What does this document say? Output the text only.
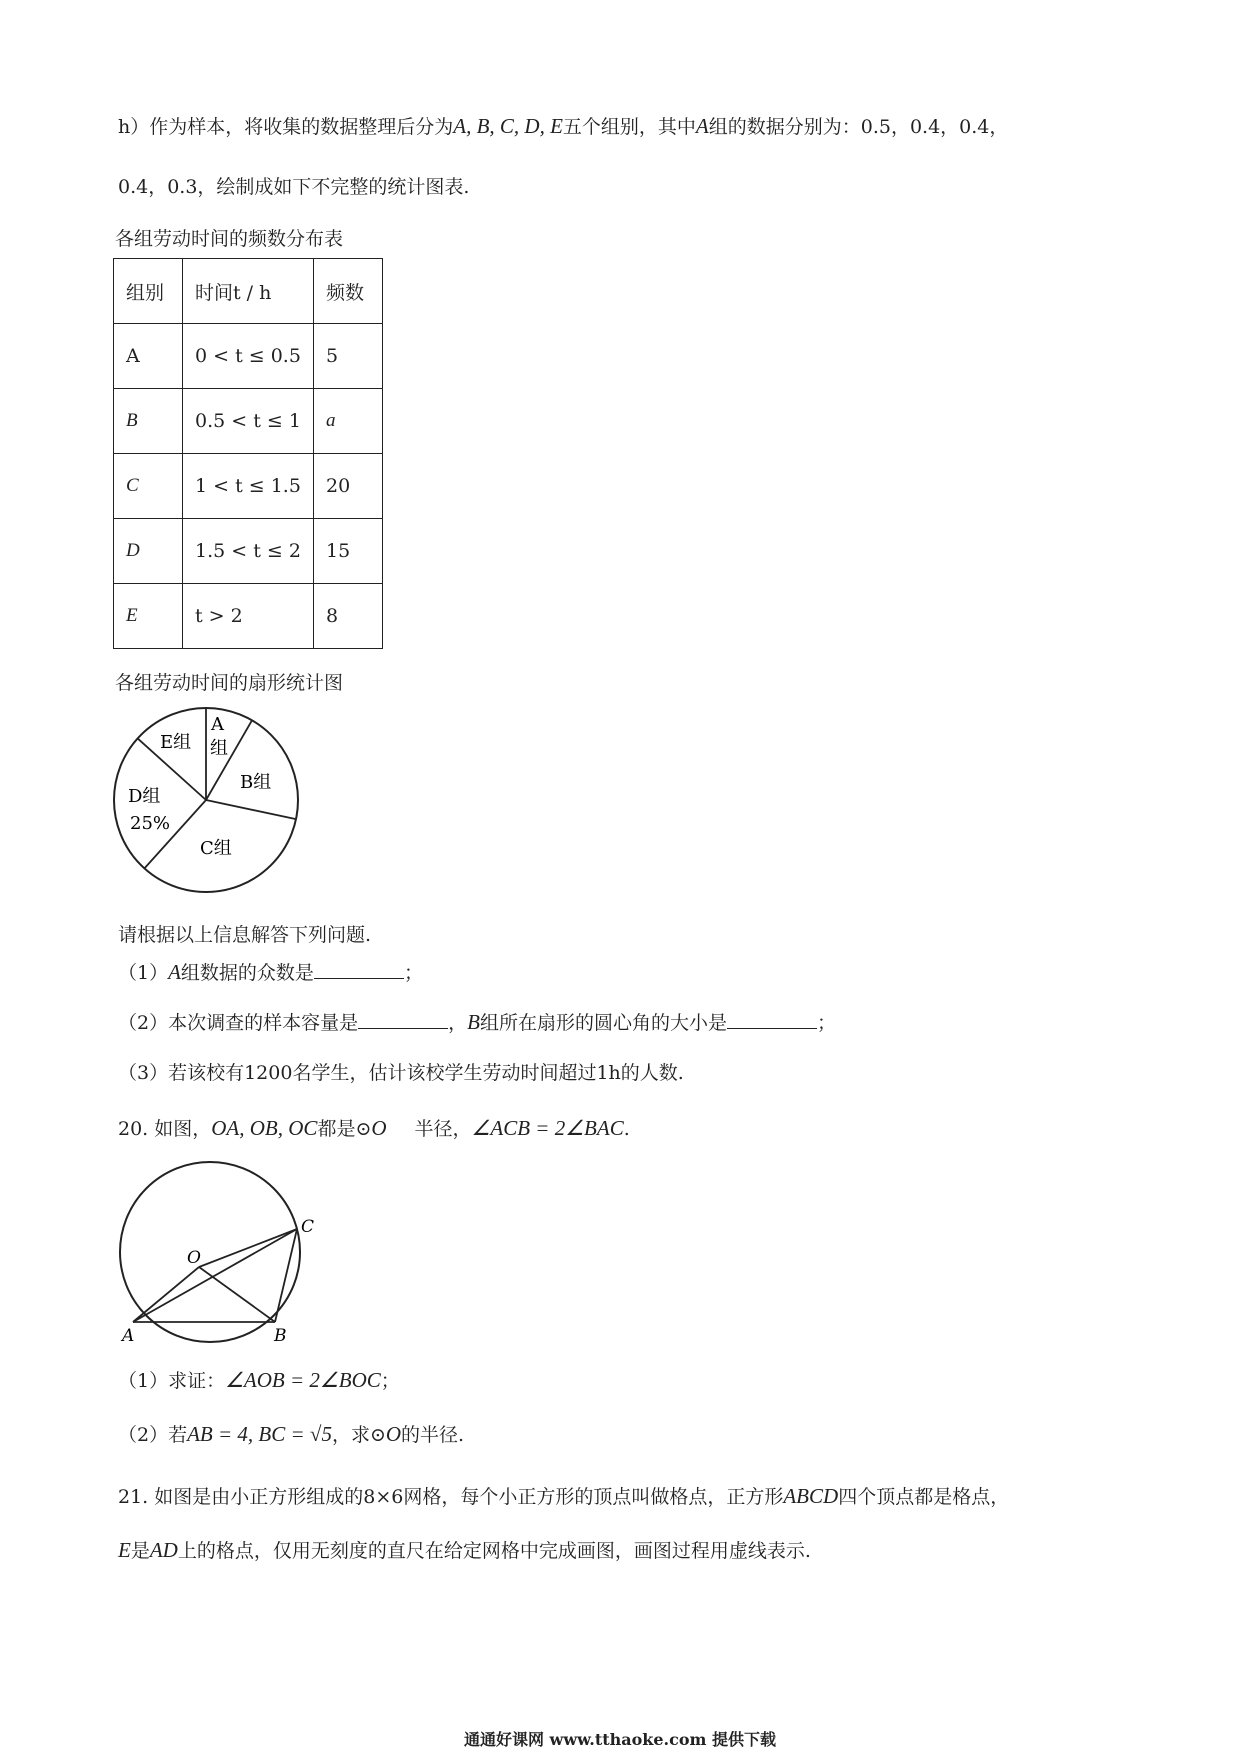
h）作为样本，将收集的数据整理后分为A, B, C, D, E五个组别，其中A组的数据分别为：0.5，0.4，0.4，
0.4，0.3，绘制成如下不完整的统计图表.
各组劳动时间的频数分布表
组别	时间t / h	频数
A	0 < t ≤ 0.5	5
B	0.5 < t ≤ 1	a
C	1 < t ≤ 1.5	20
D	1.5 < t ≤ 2	15
E	t > 2	8
各组劳动时间的扇形统计图
A
组
E组
B组
D组
25%
C组
请根据以上信息解答下列问题.
（1）A组数据的众数是	；
（2）本次调查的样本容量是	，B组所在扇形的圆心角的大小是	；
（3）若该校有1200名学生，估计该校学生劳动时间超过1h的人数.
20. 如图，OA, OB, OC都是⊙O 半径，∠ACB = 2∠BAC.
O
A	B
C
（1）求证：∠AOB = 2∠BOC；
（2）若AB = 4, BC = √5，求⊙O的半径.
21. 如图是由小正方形组成的8×6网格，每个小正方形的顶点叫做格点，正方形ABCD四个顶点都是格点，
E是AD上的格点，仅用无刻度的直尺在给定网格中完成画图，画图过程用虚线表示.
通通好课网 www.tthaoke.com 提供下载
